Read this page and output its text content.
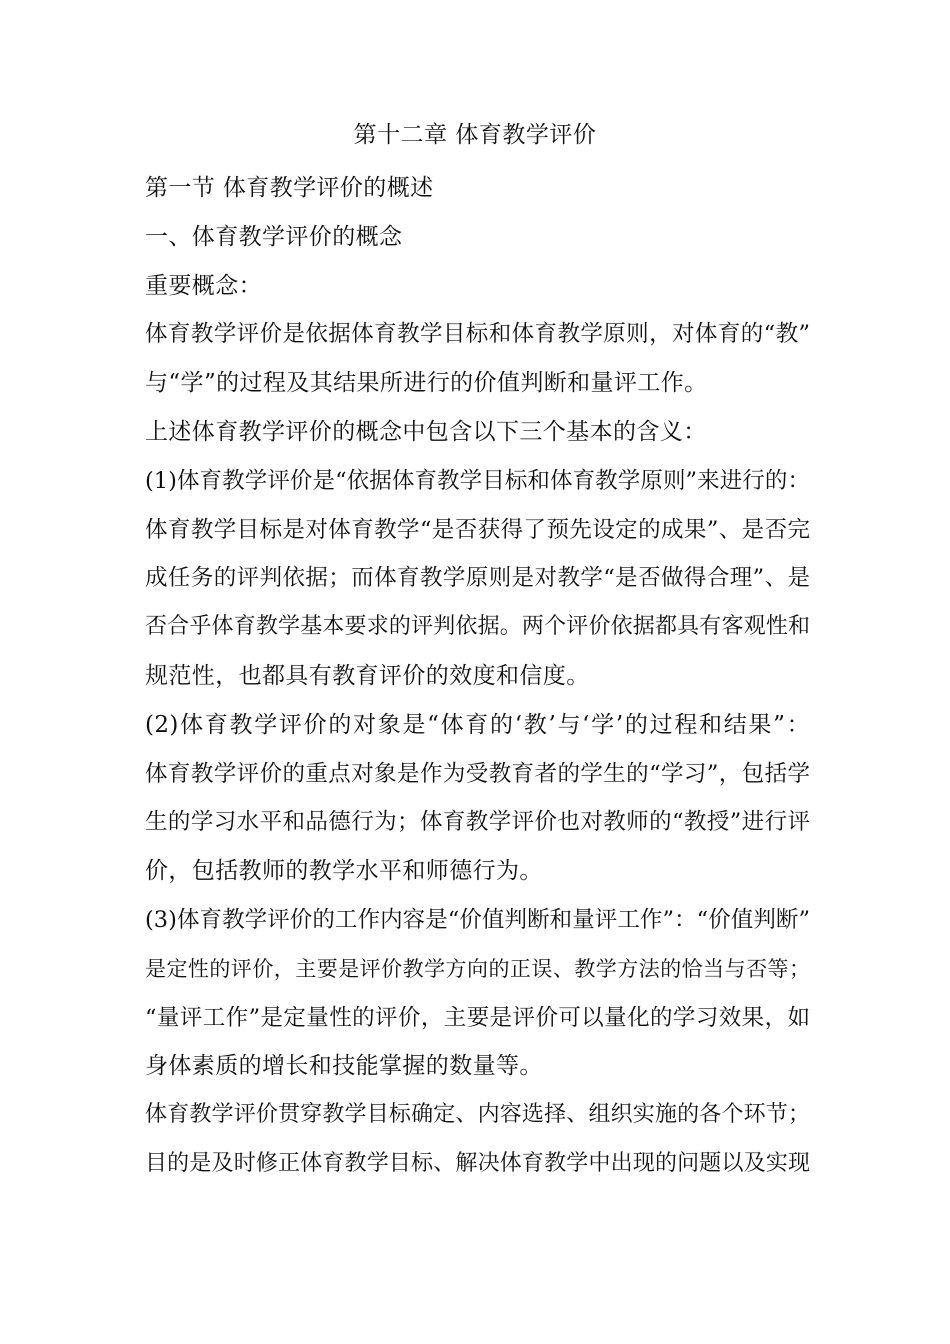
第十二章 体育教学评价
第一节 体育教学评价的概述
一、体育教学评价的概念
重要概念：
体育教学评价是依据体育教学目标和体育教学原则，对体育的“教”
与“学”的过程及其结果所进行的价值判断和量评工作。
上述体育教学评价的概念中包含以下三个基本的含义：
(1)体育教学评价是“依据体育教学目标和体育教学原则”来进行的：
体育教学目标是对体育教学“是否获得了预先设定的成果”、是否完
成任务的评判依据；而体育教学原则是对教学“是否做得合理”、是
否合乎体育教学基本要求的评判依据。两个评价依据都具有客观性和
规范性，也都具有教育评价的效度和信度。
(2)体育教学评价的对象是“体育的‘教’与‘学’的过程和结果”：
体育教学评价的重点对象是作为受教育者的学生的“学习”，包括学
生的学习水平和品德行为；体育教学评价也对教师的“教授”进行评
价，包括教师的教学水平和师德行为。
(3)体育教学评价的工作内容是“价值判断和量评工作”：“价值判断”
是定性的评价，主要是评价教学方向的正误、教学方法的恰当与否等；
“量评工作”是定量性的评价，主要是评价可以量化的学习效果，如
身体素质的增长和技能掌握的数量等。
体育教学评价贯穿教学目标确定、内容选择、组织实施的各个环节；
目的是及时修正体育教学目标、解决体育教学中出现的问题以及实现
